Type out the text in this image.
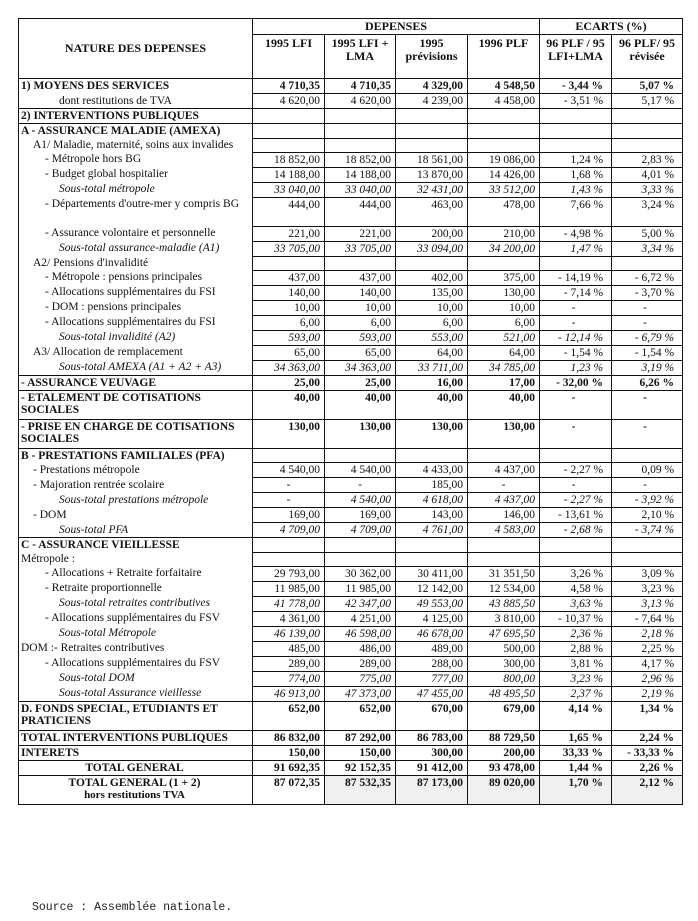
NATURE DES DEPENSES	DEPENSES				ECARTS (%)	
	1995 LFI	1995 LFI + LMA	1995 prévisions	1996 PLF	96 PLF / 95 LFI+LMA	96 PLF/ 95 révisée
1) MOYENS DES SERVICES	4 710,35	4 710,35	4 329,00	4 548,50	- 3,44 %	5,07 %
dont restitutions de TVA	4 620,00	4 620,00	4 239,00	4 458,00	- 3,51 %	5,17 %
2) INTERVENTIONS PUBLIQUES						
A - ASSURANCE MALADIE (AMEXA)						
A1/ Maladie, maternité, soins aux invalides						
- Métropole hors BG	18 852,00	18 852,00	18 561,00	19 086,00	1,24 %	2,83 %
- Budget global hospitalier	14 188,00	14 188,00	13 870,00	14 426,00	1,68 %	4,01 %
Sous-total métropole	33 040,00	33 040,00	32 431,00	33 512,00	1,43 %	3,33 %
- Départements d'outre-mer y compris BG	444,00	444,00	463,00	478,00	7,66 %	3,24 %
- Assurance volontaire et personnelle	221,00	221,00	200,00	210,00	- 4,98 %	5,00 %
Sous-total assurance-maladie (A1)	33 705,00	33 705,00	33 094,00	34 200,00	1,47 %	3,34 %
A2/ Pensions d'invalidité						
- Métropole : pensions principales	437,00	437,00	402,00	375,00	- 14,19 %	- 6,72 %
- Allocations supplémentaires du FSI	140,00	140,00	135,00	130,00	- 7,14 %	- 3,70 %
- DOM : pensions principales	10,00	10,00	10,00	10,00	-	-
- Allocations supplémentaires du FSI	6,00	6,00	6,00	6,00	-	-
Sous-total invalidité (A2)	593,00	593,00	553,00	521,00	- 12,14 %	- 6,79 %
A3/ Allocation de remplacement	65,00	65,00	64,00	64,00	- 1,54 %	- 1,54 %
Sous-total AMEXA (A1 + A2 + A3)	34 363,00	34 363,00	33 711,00	34 785,00	1,23 %	3,19 %
- ASSURANCE VEUVAGE	25,00	25,00	16,00	17,00	- 32,00 %	6,26 %
- ETALEMENT DE COTISATIONS SOCIALES	40,00	40,00	40,00	40,00	-	-
- PRISE EN CHARGE DE COTISATIONS SOCIALES	130,00	130,00	130,00	130,00	-	-
B - PRESTATIONS FAMILIALES (PFA)						
- Prestations métropole	4 540,00	4 540,00	4 433,00	4 437,00	- 2,27 %	0,09 %
- Majoration rentrée scolaire	-	-	185,00	-	-	-
Sous-total prestations métropole	-	4 540,00	4 618,00	4 437,00	- 2,27 %	- 3,92 %
- DOM	169,00	169,00	143,00	146,00	- 13,61 %	2,10 %
Sous-total PFA	4 709,00	4 709,00	4 761,00	4 583,00	- 2,68 %	- 3,74 %
C - ASSURANCE VIEILLESSE						
Métropole :						
- Allocations + Retraite forfaitaire	29 793,00	30 362,00	30 411,00	31 351,50	3,26 %	3,09 %
- Retraite proportionnelle	11 985,00	11 985,00	12 142,00	12 534,00	4,58 %	3,23 %
Sous-total retraites contributives	41 778,00	42 347,00	49 553,00	43 885,50	3,63 %	3,13 %
- Allocations supplémentaires du FSV	4 361,00	4 251,00	4 125,00	3 810,00	- 10,37 %	- 7,64 %
Sous-total Métropole	46 139,00	46 598,00	46 678,00	47 695,50	2,36 %	2,18 %
DOM :- Retraites contributives	485,00	486,00	489,00	500,00	2,88 %	2,25 %
- Allocations supplémentaires du FSV	289,00	289,00	288,00	300,00	3,81 %	4,17 %
Sous-total DOM	774,00	775,00	777,00	800,00	3,23 %	2,96 %
Sous-total Assurance vieillesse	46 913,00	47 373,00	47 455,00	48 495,50	2,37 %	2,19 %
D. FONDS SPECIAL, ETUDIANTS ET PRATICIENS	652,00	652,00	670,00	679,00	4,14 %	1,34 %
TOTAL INTERVENTIONS PUBLIQUES	86 832,00	87 292,00	86 783,00	88 729,50	1,65 %	2,24 %
INTERETS	150,00	150,00	300,00	200,00	33,33 %	- 33,33 %
TOTAL GENERAL	91 692,35	92 152,35	91 412,00	93 478,00	1,44 %	2,26 %
TOTAL GENERAL (1 + 2)
hors restitutions TVA	87 072,35	87 532,35	87 173,00	89 020,00	1,70 %	2,12 %
Source : Assemblée nationale.
